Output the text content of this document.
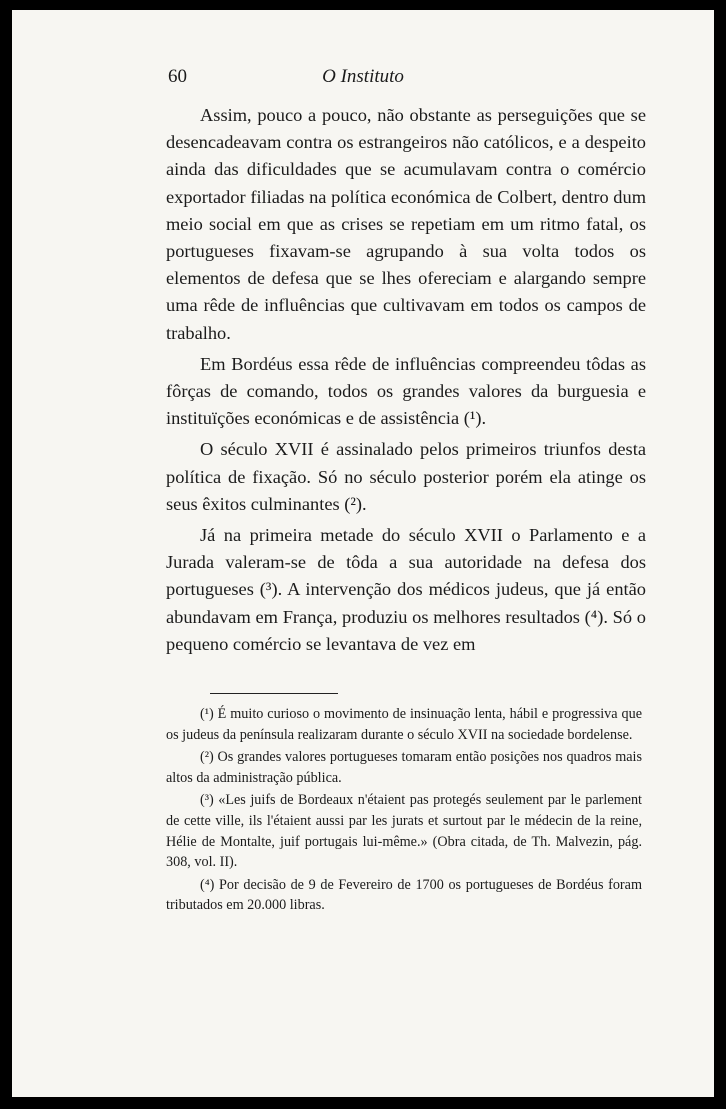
60	O Instituto

Assim, pouco a pouco, não obstante as perseguições que se desencadeavam contra os estrangeiros não católicos, e a despeito ainda das dificuldades que se acumulavam contra o comércio exportador filiadas na política económica de Colbert, dentro dum meio social em que as crises se repetiam em um ritmo fatal, os portugueses fixavam-se agrupando à sua volta todos os elementos de defesa que se lhes ofereciam e alargando sempre uma rêde de influências que cultivavam em todos os campos de trabalho.

Em Bordéus essa rêde de influências compreendeu tôdas as fôrças de comando, todos os grandes valores da burguesia e instituïções económicas e de assistência (¹).

O século XVII é assinalado pelos primeiros triunfos desta política de fixação. Só no século posterior porém ela atinge os seus êxitos culminantes (²).

Já na primeira metade do século XVII o Parlamento e a Jurada valeram-se de tôda a sua autoridade na defesa dos portugueses (³). A intervenção dos médicos judeus, que já então abundavam em França, produziu os melhores resultados (⁴). Só o pequeno comércio se levantava de vez em

(¹) É muito curioso o movimento de insinuação lenta, hábil e progressiva que os judeus da península realizaram durante o século XVII na sociedade bordelense.

(²) Os grandes valores portugueses tomaram então posições nos quadros mais altos da administração pública.

(³) «Les juifs de Bordeaux n'étaient pas protegés seulement par le parlement de cette ville, ils l'étaient aussi par les jurats et surtout par le médecin de la reine, Hélie de Montalte, juif portugais lui-même.» (Obra citada, de Th. Malvezin, pág. 308, vol. II).

(⁴) Por decisão de 9 de Fevereiro de 1700 os portugueses de Bordéus foram tributados em 20.000 libras.
